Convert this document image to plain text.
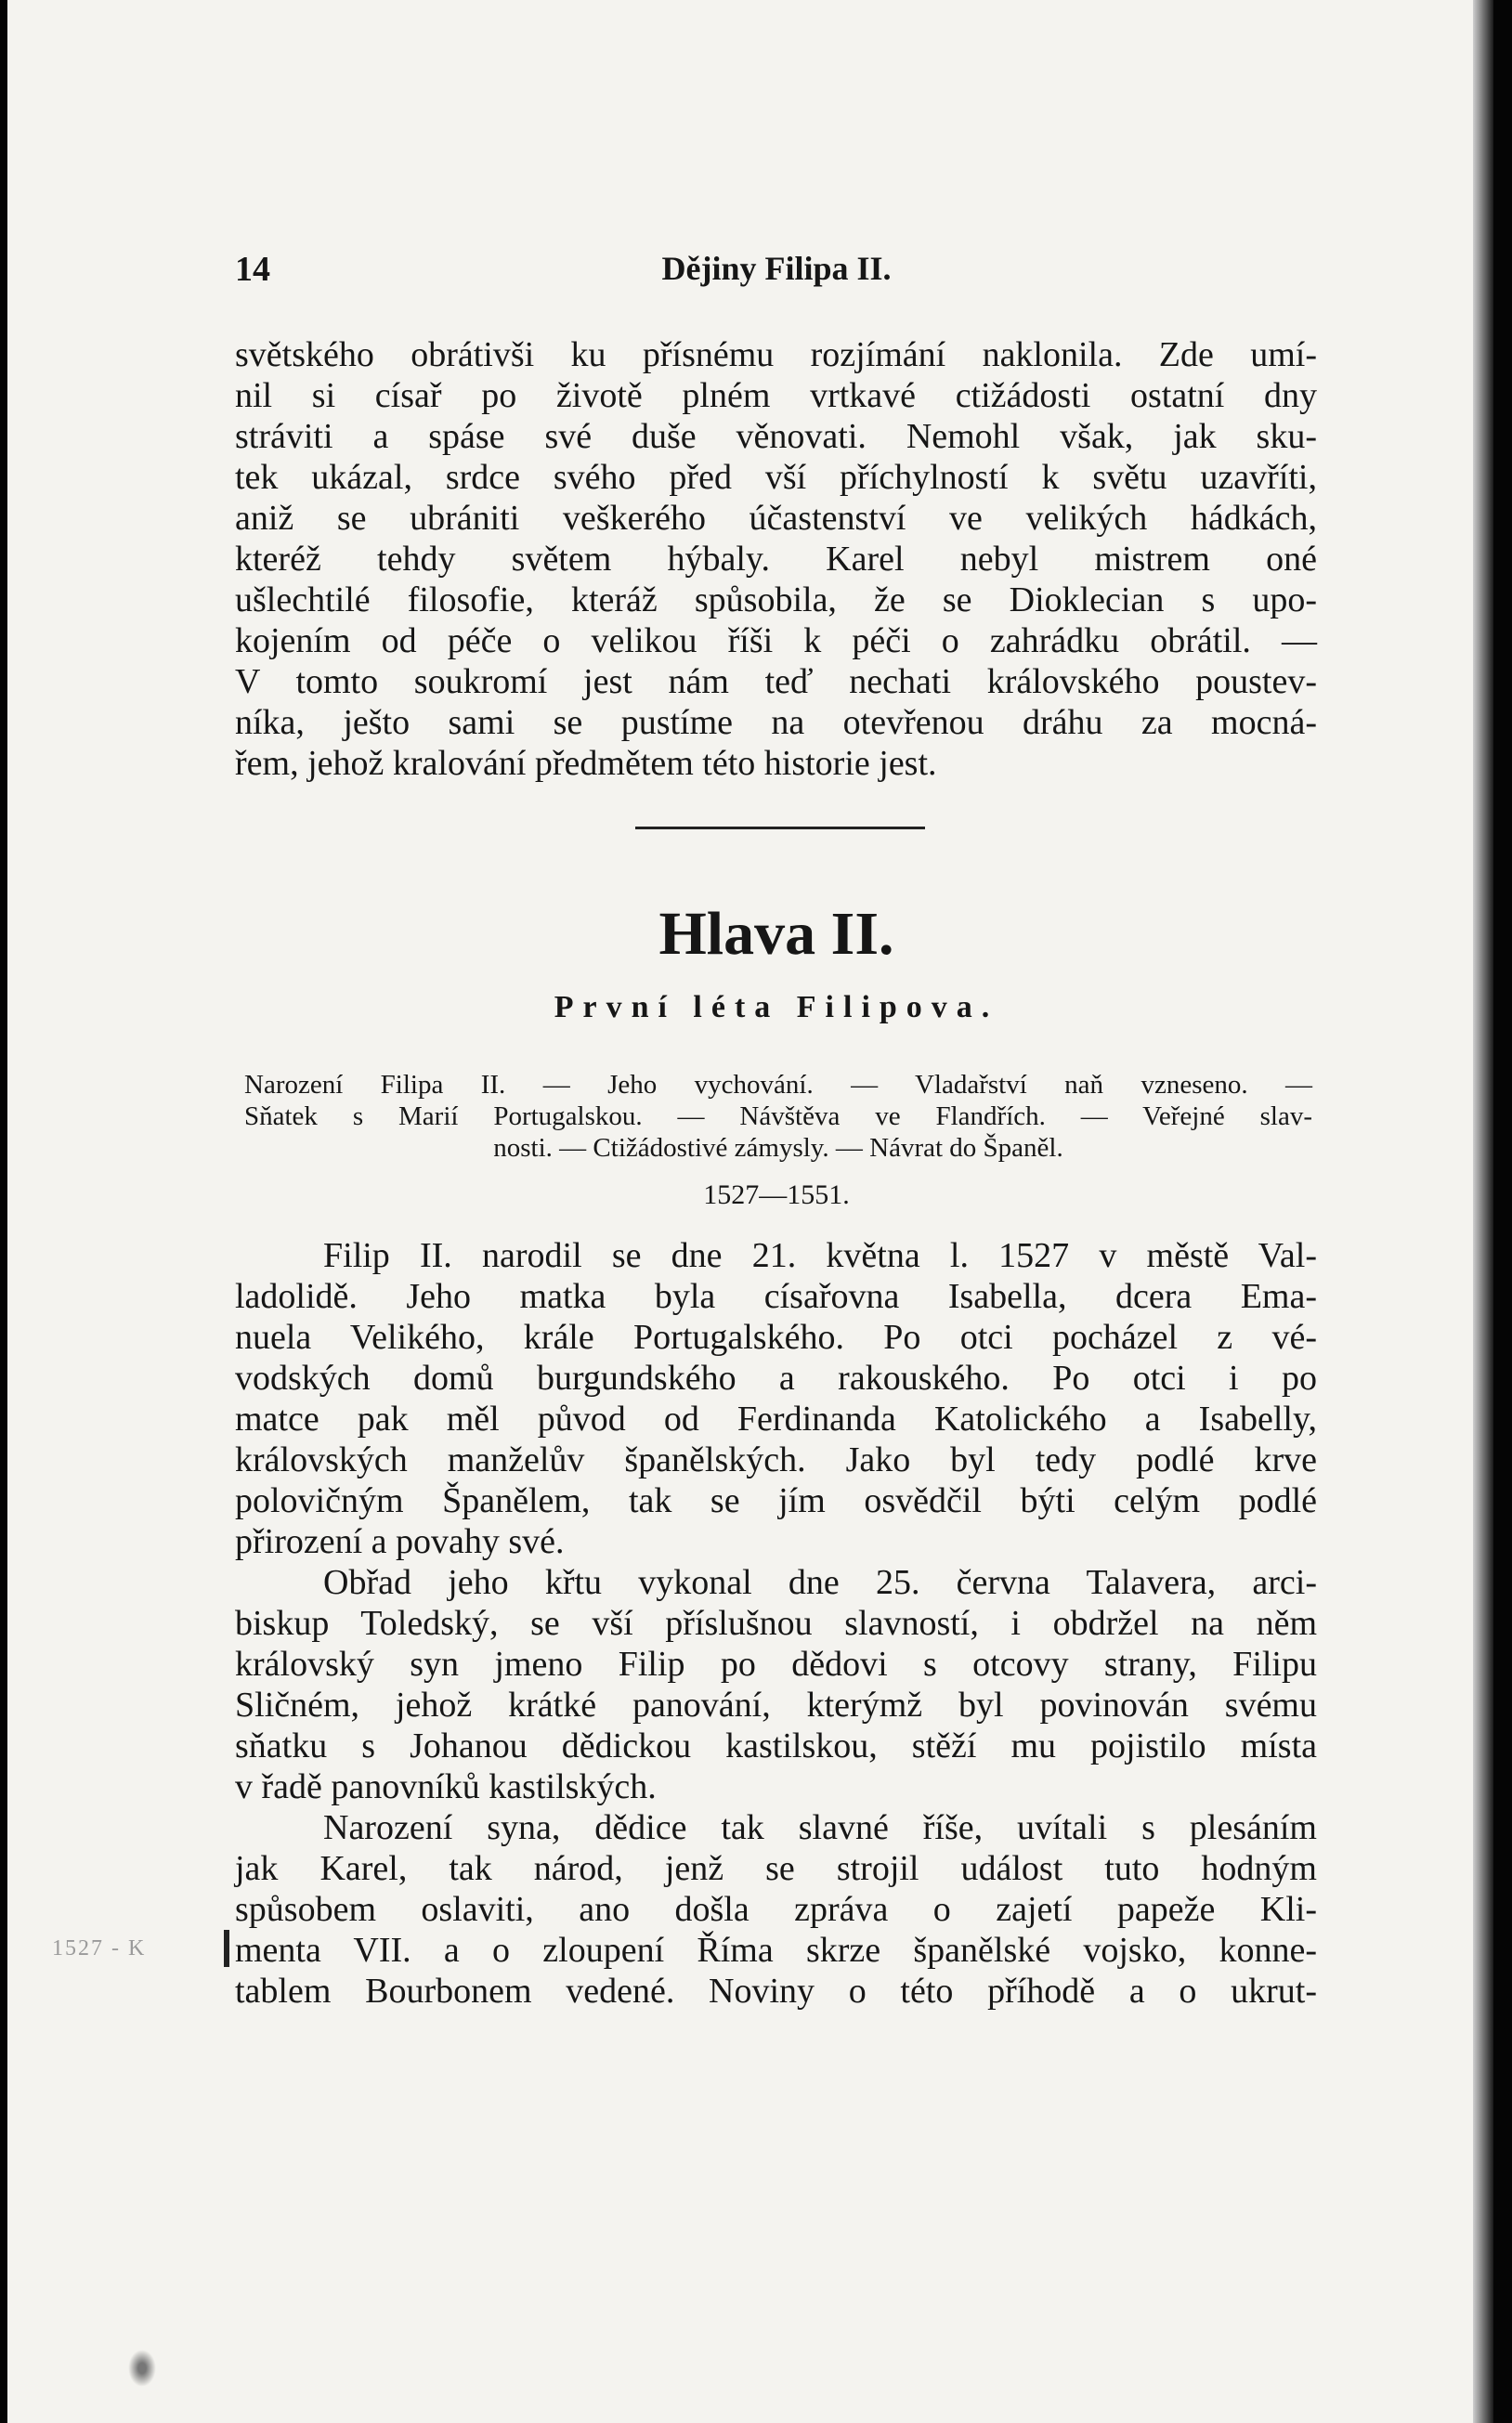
14	Dějiny Filipa II.
světského obrátivši ku přísnému rozjímání naklonila. Zde umí-
nil si císař po životě plném vrtkavé ctižádosti ostatní dny
stráviti a spáse své duše věnovati. Nemohl však, jak sku-
tek ukázal, srdce svého před vší příchylností k světu uzavříti,
aniž se ubrániti veškerého účastenství ve velikých hádkách,
kteréž tehdy světem hýbaly. Karel nebyl mistrem oné
ušlechtilé filosofie, kteráž spůsobila, že se Dioklecian s upo-
kojením od péče o velikou říši k péči o zahrádku obrátil. —
V tomto soukromí jest nám teď nechati královského poustev-
níka, ješto sami se pustíme na otevřenou dráhu za mocná-
řem, jehož kralování předmětem této historie jest.
Hlava II.
První léta Filipova.
Narození Filipa II. — Jeho vychování. — Vladařství naň vzneseno. —
Sňatek s Marií Portugalskou. — Návštěva ve Flandřích. — Veřejné slav-
nosti. — Ctižádostivé zámysly. — Návrat do Španěl.
1527—1551.
Filip II. narodil se dne 21. května l. 1527 v městě Val-
ladolidě. Jeho matka byla císařovna Isabella, dcera Ema-
nuela Velikého, krále Portugalského. Po otci pocházel z vé-
vodských domů burgundského a rakouského. Po otci i po
matce pak měl původ od Ferdinanda Katolického a Isabelly,
královských manželův španělských. Jako byl tedy podlé krve
polovičným Španělem, tak se jím osvědčil býti celým podlé
přirození a povahy své.
Obřad jeho křtu vykonal dne 25. června Talavera, arci-
biskup Toledský, se vší příslušnou slavností, i obdržel na něm
královský syn jmeno Filip po dědovi s otcovy strany, Filipu
Sličném, jehož krátké panování, kterýmž byl povinován svému
sňatku s Johanou dědickou kastilskou, stěží mu pojistilo místa
v řadě panovníků kastilských.
Narození syna, dědice tak slavné říše, uvítali s plesáním
jak Karel, tak národ, jenž se strojil událost tuto hodným
spůsobem oslaviti, ano došla zpráva o zajetí papeže Kli-
menta VII. a o zloupení Říma skrze španělské vojsko, konne-
tablem Bourbonem vedené. Noviny o této příhodě a o ukrut-
1527 - K
